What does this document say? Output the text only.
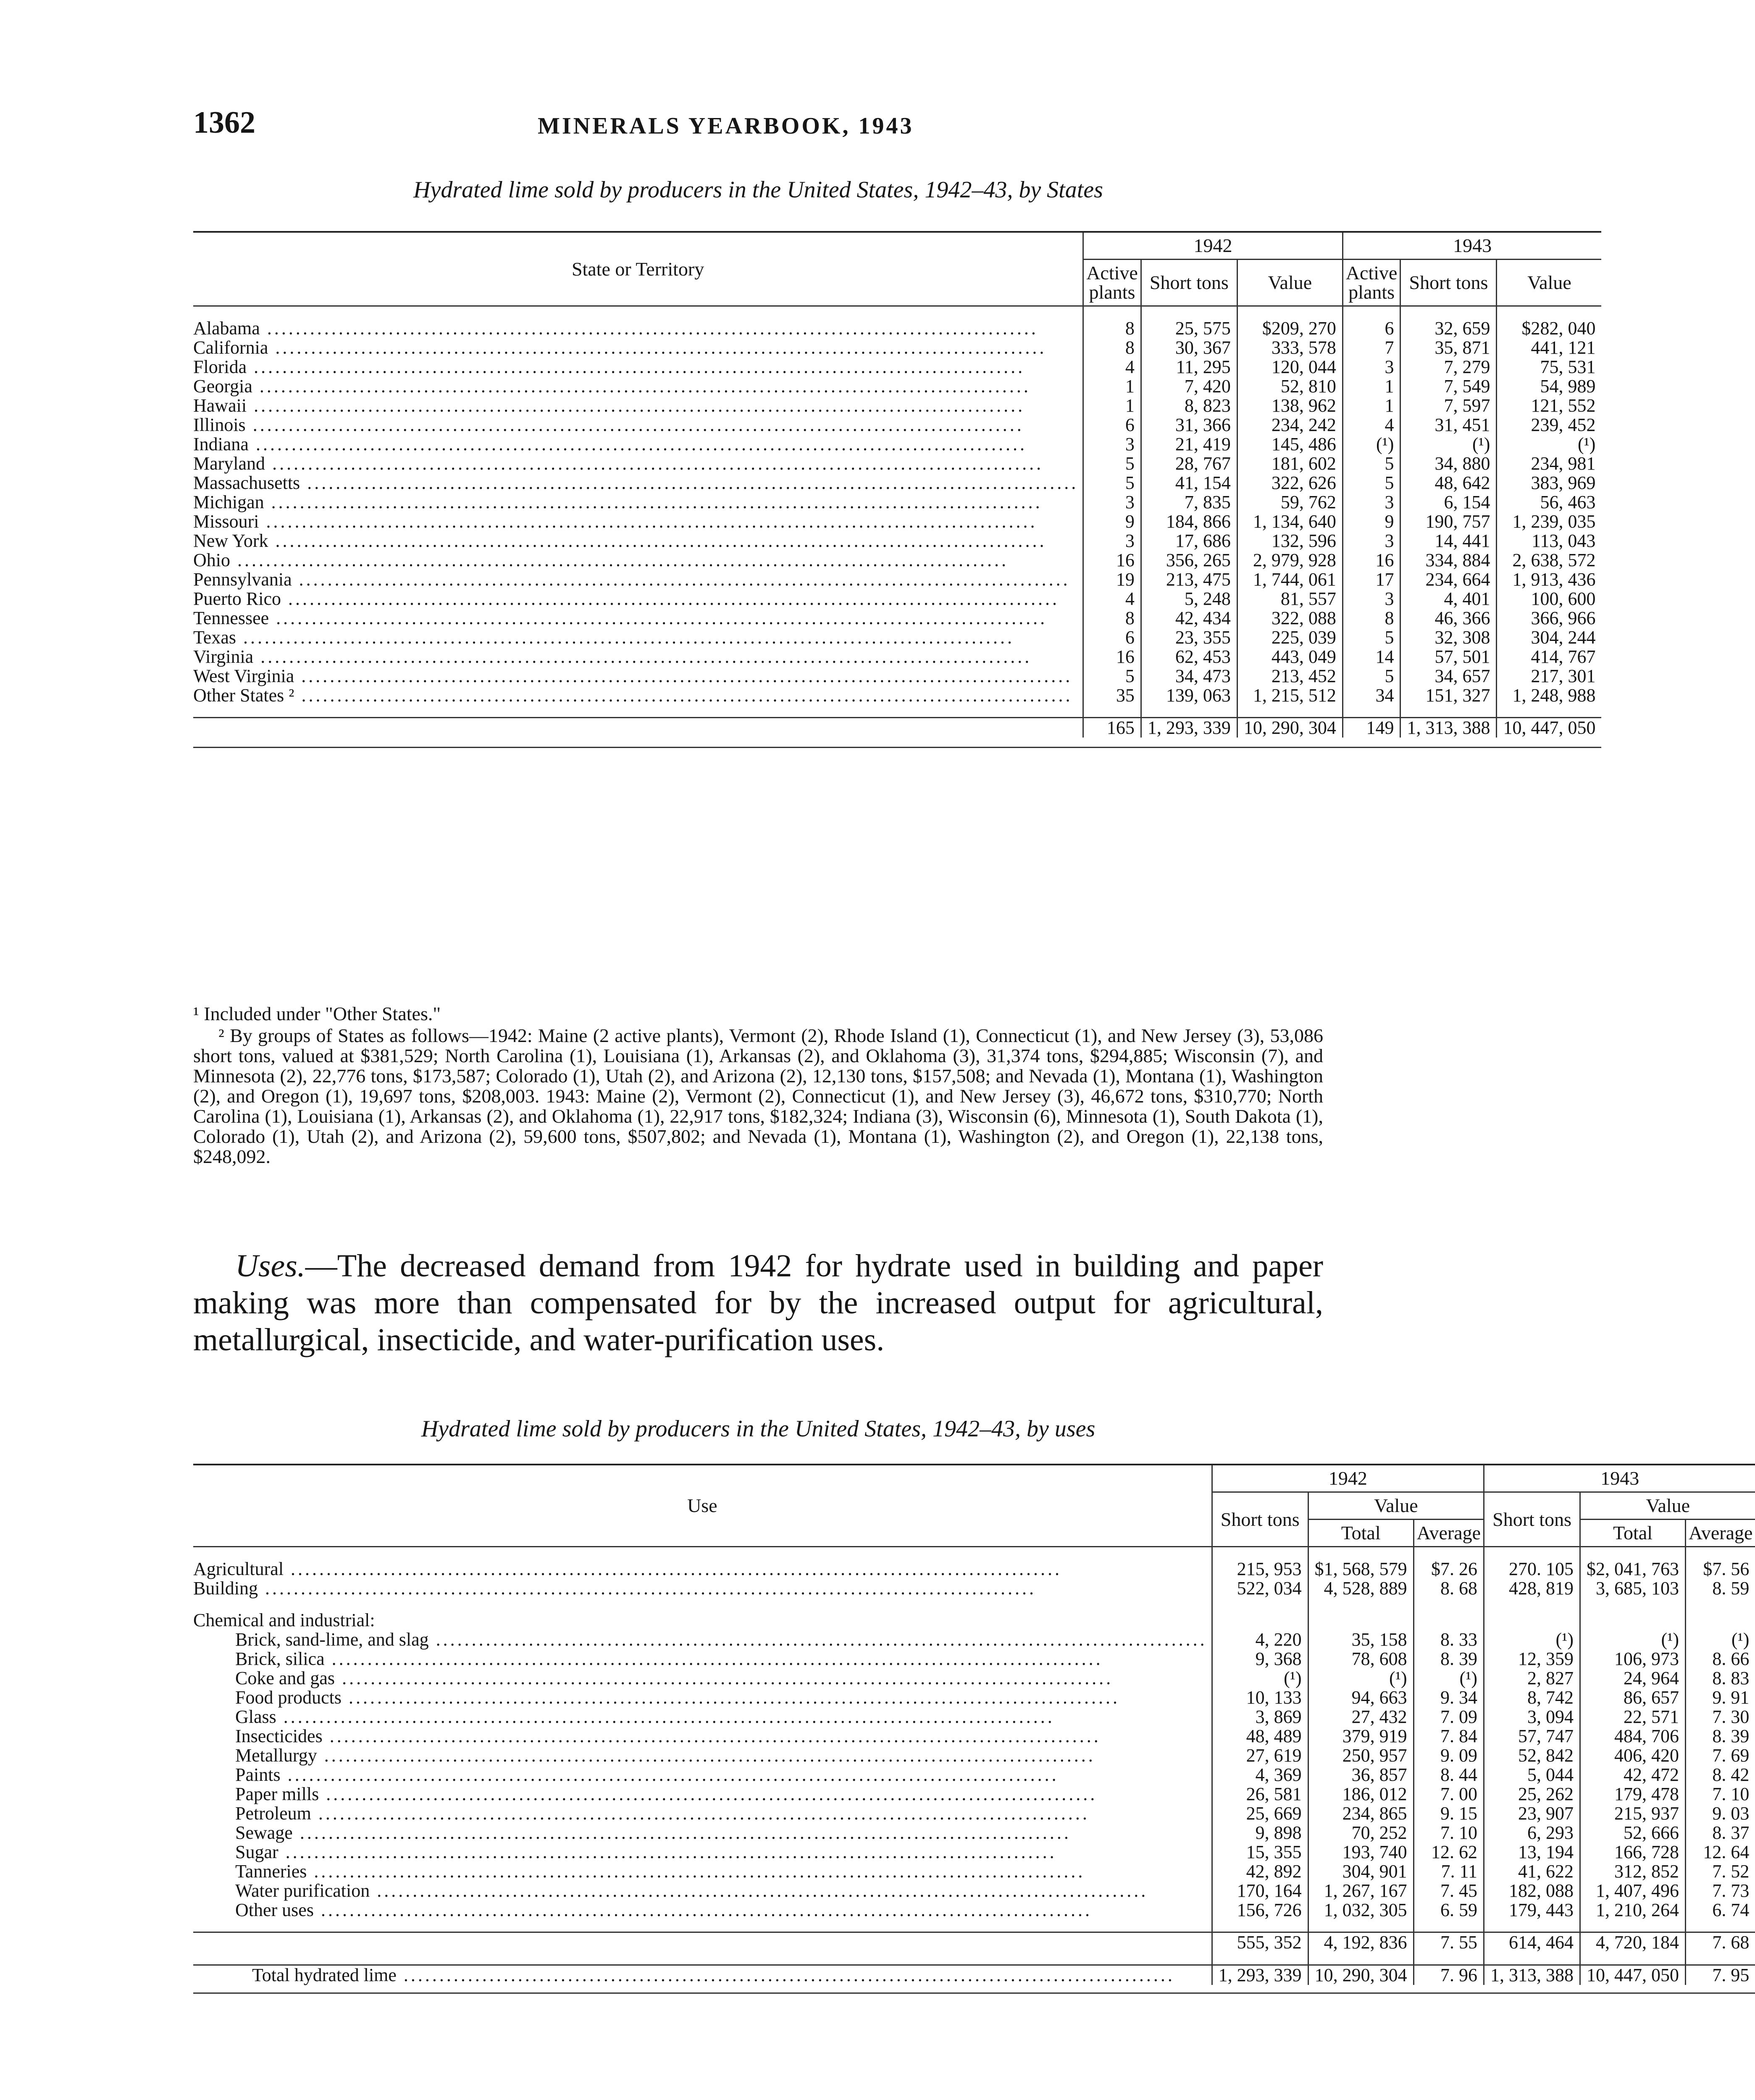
1362	MINERALS YEARBOOK, 1943

Hydrated lime sold by producers in the United States, 1942–43, by States

State or Territory	1942			1943		
	Active plants	Short tons	Value	Active plants	Short tons	Value

Alabama .....	8	25, 575	$209, 270	6	32, 659	$282, 040
California .....	8	30, 367	333, 578	7	35, 871	441, 121
Florida .....	4	11, 295	120, 044	3	7, 279	75, 531
Georgia .....	1	7, 420	52, 810	1	7, 549	54, 989
Hawaii .....	1	8, 823	138, 962	1	7, 597	121, 552
Illinois .....	6	31, 366	234, 242	4	31, 451	239, 452
Indiana .....	3	21, 419	145, 486	(¹)	(¹)	(¹)
Maryland .....	5	28, 767	181, 602	5	34, 880	234, 981
Massachusetts .....	5	41, 154	322, 626	5	48, 642	383, 969
Michigan .....	3	7, 835	59, 762	3	6, 154	56, 463
Missouri .....	9	184, 866	1, 134, 640	9	190, 757	1, 239, 035
New York .....	3	17, 686	132, 596	3	14, 441	113, 043
Ohio .....	16	356, 265	2, 979, 928	16	334, 884	2, 638, 572
Pennsylvania .....	19	213, 475	1, 744, 061	17	234, 664	1, 913, 436
Puerto Rico .....	4	5, 248	81, 557	3	4, 401	100, 600
Tennessee .....	8	42, 434	322, 088	8	46, 366	366, 966
Texas .....	6	23, 355	225, 039	5	32, 308	304, 244
Virginia .....	16	62, 453	443, 049	14	57, 501	414, 767
West Virginia .....	5	34, 473	213, 452	5	34, 657	217, 301
Other States ² .....	35	139, 063	1, 215, 512	34	151, 327	1, 248, 988

	165	1, 293, 339	10, 290, 304	149	1, 313, 388	10, 447, 050

¹ Included under "Other States."

² By groups of States as follows—1942: Maine (2 active plants), Vermont (2), Rhode Island (1), Connecticut (1), and New Jersey (3), 53,086 short tons, valued at $381,529; North Carolina (1), Louisiana (1), Arkansas (2), and Oklahoma (3), 31,374 tons, $294,885; Wisconsin (7), and Minnesota (2), 22,776 tons, $173,587; Colorado (1), Utah (2), and Arizona (2), 12,130 tons, $157,508; and Nevada (1), Montana (1), Washington (2), and Oregon (1), 19,697 tons, $208,003. 1943: Maine (2), Vermont (2), Connecticut (1), and New Jersey (3), 46,672 tons, $310,770; North Carolina (1), Louisiana (1), Arkansas (2), and Oklahoma (1), 22,917 tons, $182,324; Indiana (3), Wisconsin (6), Minnesota (1), South Dakota (1), Colorado (1), Utah (2), and Arizona (2), 59,600 tons, $507,802; and Nevada (1), Montana (1), Washington (2), and Oregon (1), 22,138 tons, $248,092.

Uses.—The decreased demand from 1942 for hydrate used in building and paper making was more than compensated for by the increased output for agricultural, metallurgical, insecticide, and water-purification uses.

Hydrated lime sold by producers in the United States, 1942–43, by uses

Use	1942			1943		
	Short tons	Value		Short tons	Value	
		Total	Average		Total	Average

Agricultural .....	215, 953	$1, 568, 579	$7. 26	270. 105	$2, 041, 763	$7. 56
Building .....	522, 034	4, 528, 889	8. 68	428, 819	3, 685, 103	8. 59

Chemical and industrial:						
Brick, sand-lime, and slag .....	4, 220	35, 158	8. 33	(¹)	(¹)	(¹)
Brick, silica .....	9, 368	78, 608	8. 39	12, 359	106, 973	8. 66
Coke and gas .....	(¹)	(¹)	(¹)	2, 827	24, 964	8. 83
Food products .....	10, 133	94, 663	9. 34	8, 742	86, 657	9. 91
Glass .....	3, 869	27, 432	7. 09	3, 094	22, 571	7. 30
Insecticides .....	48, 489	379, 919	7. 84	57, 747	484, 706	8. 39
Metallurgy .....	27, 619	250, 957	9. 09	52, 842	406, 420	7. 69
Paints .....	4, 369	36, 857	8. 44	5, 044	42, 472	8. 42
Paper mills .....	26, 581	186, 012	7. 00	25, 262	179, 478	7. 10
Petroleum .....	25, 669	234, 865	9. 15	23, 907	215, 937	9. 03
Sewage .....	9, 898	70, 252	7. 10	6, 293	52, 666	8. 37
Sugar .....	15, 355	193, 740	12. 62	13, 194	166, 728	12. 64
Tanneries .....	42, 892	304, 901	7. 11	41, 622	312, 852	7. 52
Water purification .....	170, 164	1, 267, 167	7. 45	182, 088	1, 407, 496	7. 73
Other uses .....	156, 726	1, 032, 305	6. 59	179, 443	1, 210, 264	6. 74

	555, 352	4, 192, 836	7. 55	614, 464	4, 720, 184	7. 68

Total hydrated lime .....	1, 293, 339	10, 290, 304	7. 96	1, 313, 388	10, 447, 050	7. 95
